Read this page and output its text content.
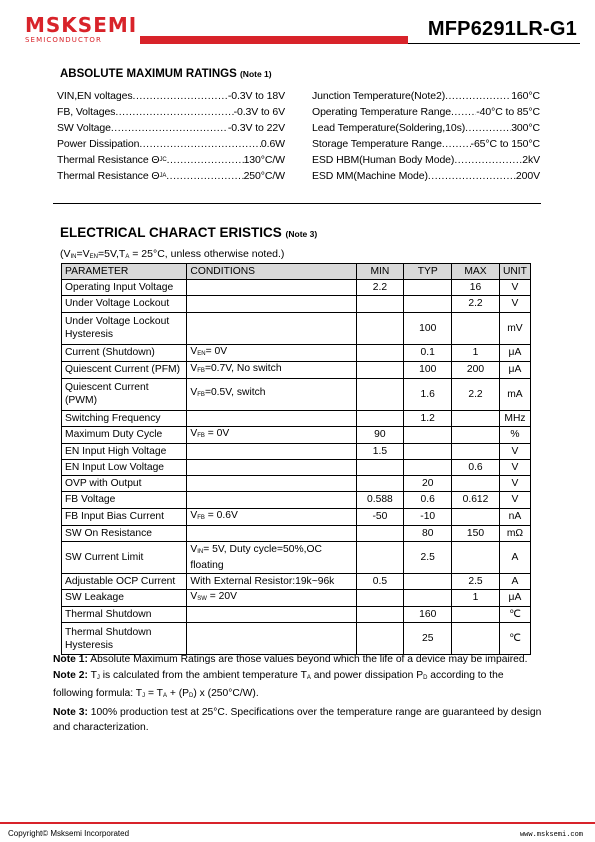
MSKSEMI
SEMICONDUCTOR	MFP6291LR-G1
ABSOLUTE MAXIMUM RATINGS (Note 1)
VIN,EN voltages .....	-0.3V to 18V
FB, Voltages .....	-0.3V to 6V
SW Voltage .....	-0.3V to 22V
Power Dissipation .....	0.6W
Thermal Resistance Θ JC .....	130°C/W
Thermal Resistance Θ JA .....	250°C/W
Junction Temperature(Note2) .....	160°C
Operating Temperature Range ..... -40°C to 85°C
Lead Temperature(Soldering,10s) .....	300°C
Storage Temperature Range .....	-65°C to 150°C
ESD HBM(Human Body Mode) .....	2kV
ESD MM(Machine Mode) .....	200V
ELECTRICAL CHARACT ERISTICS (Note 3)
($V_{IN}=V_{EN}=5V,T_A = 25^\circ C$, unless otherwise noted.)
PARAMETER	CONDITIONS	MIN	TYP	MAX	UNIT
Operating Input Voltage		2.2		16	V
Under Voltage Lockout				2.2	V
Under Voltage Lockout Hysteresis			100		mV
Current (Shutdown)	$V_{EN}= 0V$		0.1	1	μA
Quiescent Current (PFM)	$V_{FB}=0.7V$, No switch		100	200	μA
Quiescent Current (PWM)	$V_{FB}=0.5V$, switch		1.6	2.2	mA
Switching Frequency			1.2		MHz
Maximum Duty Cycle	$V_{FB} = 0V$	90			%
EN Input High Voltage		1.5			V
EN Input Low Voltage				0.6	V
OVP with Output			20		V
FB Voltage		0.588	0.6	0.612	V
FB Input Bias Current	$V_{FB} = 0.6V$	-50	-10		nA
SW On Resistance			80	150	mΩ
SW Current Limit	$V_{IN}= 5V$, Duty cycle=50%,OC floating		2.5		A
Adjustable OCP Current	With External Resistor:19k~96k	0.5		2.5	A
SW Leakage	$V_{SW} = 20V$			1	μA
Thermal Shutdown			160		℃
Thermal Shutdown Hysteresis			25		℃
Note 1: Absolute Maximum Ratings are those values beyond which the life of a device may be impaired.
Note 2: $T_J$ is calculated from the ambient temperature $T_A$ and power dissipation $P_D$ according to the following formula: $T_J = T_A + (P_D)$ x (250°C/W).
Note 3: 100% production test at 25°C. Specifications over the temperature range are guaranteed by design and characterization.
Copyright© Msksemi Incorporated	www.msksemi.com
